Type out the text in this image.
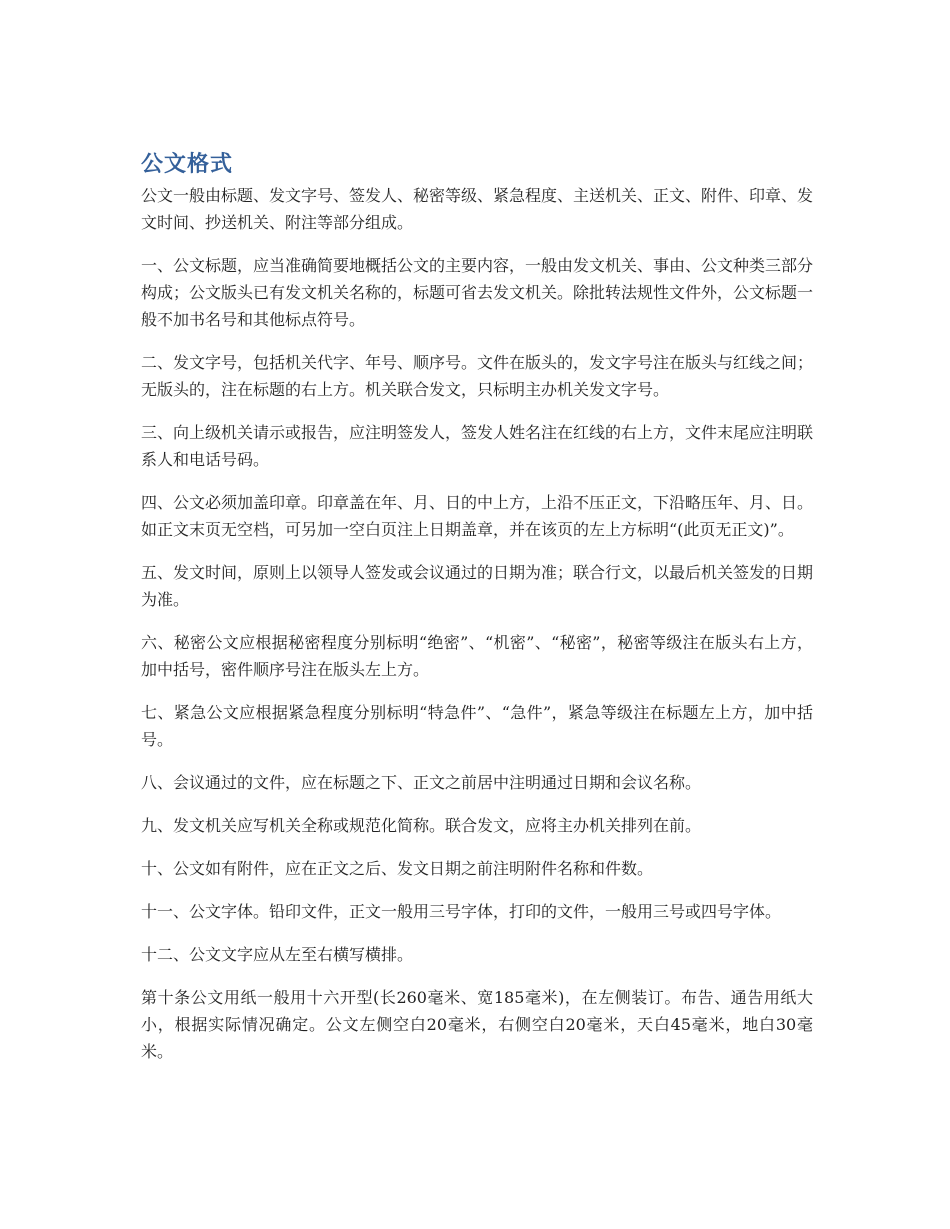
公文格式

公文一般由标题、发文字号、签发人、秘密等级、紧急程度、主送机关、正文、附件、印章、发文时间、抄送机关、附注等部分组成。

一、公文标题，应当准确简要地概括公文的主要内容，一般由发文机关、事由、公文种类三部分构成；公文版头已有发文机关名称的，标题可省去发文机关。除批转法规性文件外，公文标题一般不加书名号和其他标点符号。

二、发文字号，包括机关代字、年号、顺序号。文件在版头的，发文字号注在版头与红线之间；无版头的，注在标题的右上方。机关联合发文，只标明主办机关发文字号。

三、向上级机关请示或报告，应注明签发人，签发人姓名注在红线的右上方，文件末尾应注明联系人和电话号码。

四、公文必须加盖印章。印章盖在年、月、日的中上方，上沿不压正文，下沿略压年、月、日。如正文末页无空档，可另加一空白页注上日期盖章，并在该页的左上方标明“(此页无正文)”。

五、发文时间，原则上以领导人签发或会议通过的日期为准；联合行文，以最后机关签发的日期为准。

六、秘密公文应根据秘密程度分别标明“绝密”、“机密”、“秘密”，秘密等级注在版头右上方，加中括号，密件顺序号注在版头左上方。

七、紧急公文应根据紧急程度分别标明“特急件”、“急件”，紧急等级注在标题左上方，加中括号。

八、会议通过的文件，应在标题之下、正文之前居中注明通过日期和会议名称。

九、发文机关应写机关全称或规范化简称。联合发文，应将主办机关排列在前。

十、公文如有附件，应在正文之后、发文日期之前注明附件名称和件数。

十一、公文字体。铅印文件，正文一般用三号字体，打印的文件，一般用三号或四号字体。

十二、公文文字应从左至右横写横排。

第十条公文用纸一般用十六开型(长260毫米、宽185毫米)，在左侧装订。布告、通告用纸大小，根据实际情况确定。公文左侧空白20毫米，右侧空白20毫米，天白45毫米，地白30毫米。
